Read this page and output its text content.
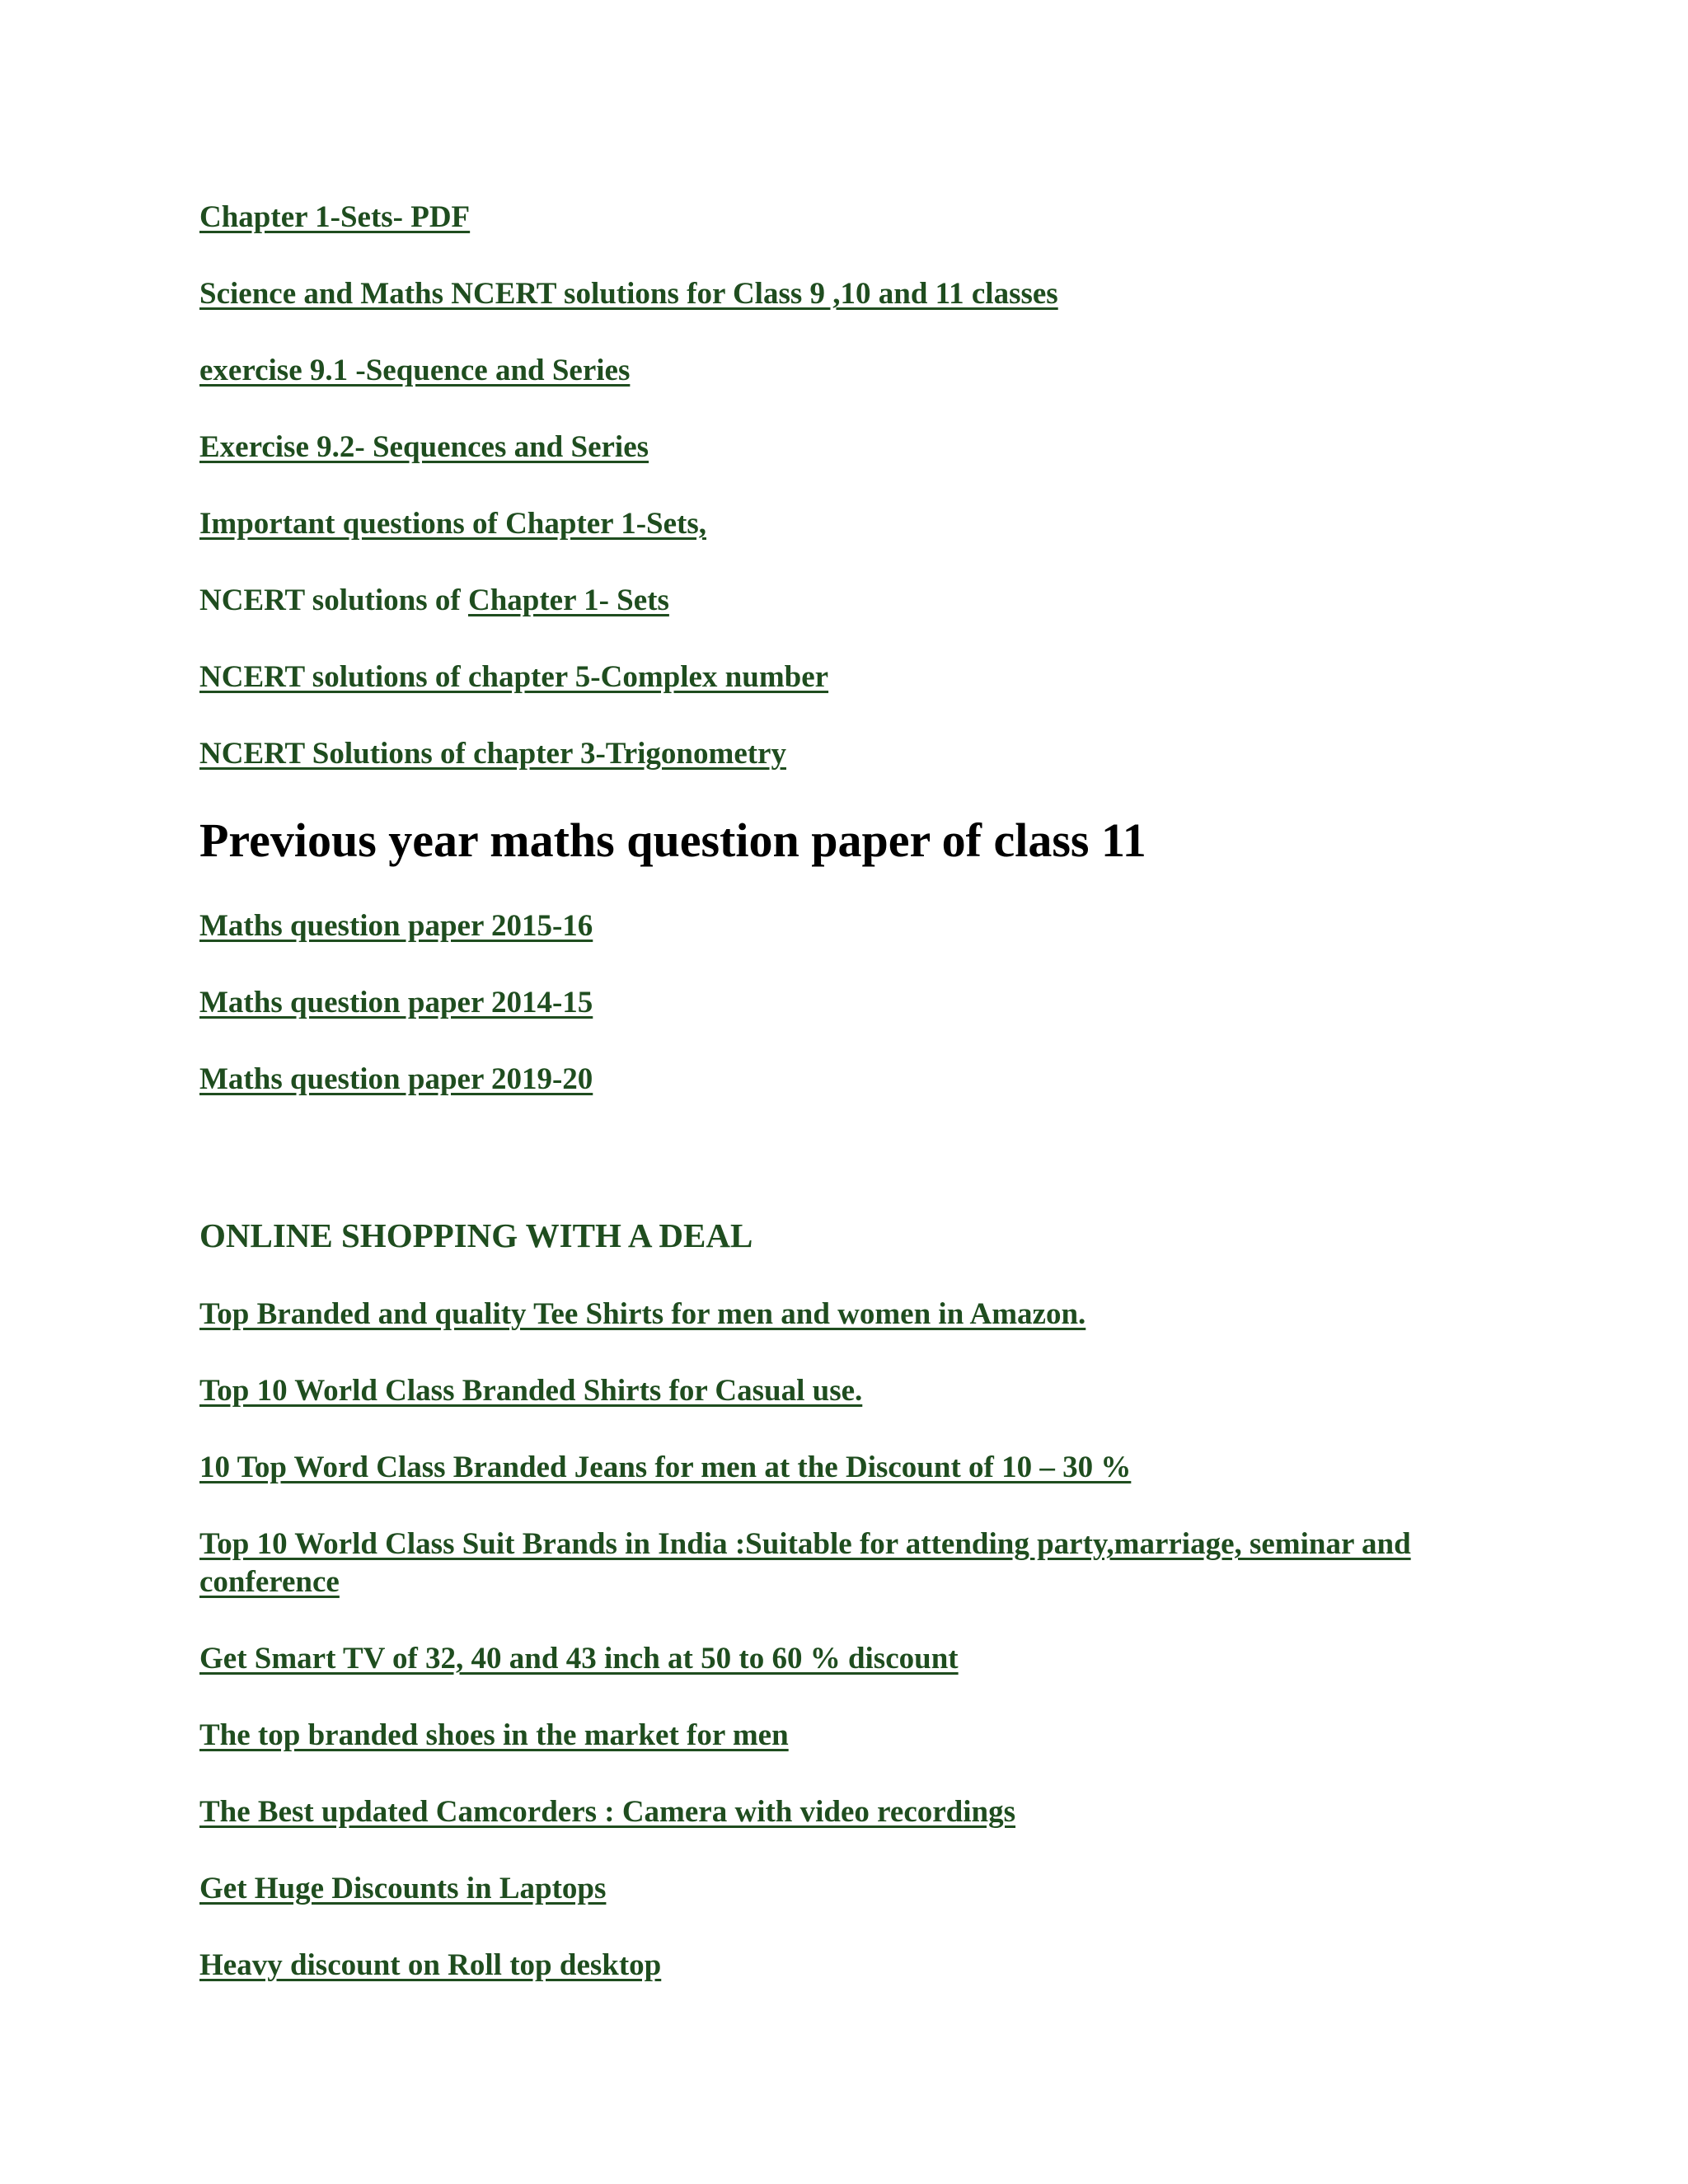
Chapter 1-Sets- PDF
Science and Maths NCERT solutions for Class 9 ,10 and 11 classes
exercise 9.1 -Sequence and Series
Exercise 9.2- Sequences and Series
Important questions of Chapter 1-Sets,
NCERT solutions of Chapter 1- Sets
NCERT solutions of chapter 5-Complex number
NCERT Solutions of chapter 3-Trigonometry
Previous year maths question paper of class 11
Maths question paper 2015-16
Maths question paper 2014-15
Maths question paper 2019-20
ONLINE SHOPPING WITH A DEAL
Top Branded and quality Tee Shirts for men and women in Amazon.
Top 10 World Class Branded Shirts for Casual use.
10 Top Word Class Branded Jeans for men at the Discount of 10 – 30 %
Top 10 World Class Suit Brands in India :Suitable for attending party,marriage, seminar and conference
Get Smart TV of 32, 40 and 43 inch at 50 to 60 % discount
The top branded shoes in the market for men
The Best updated Camcorders : Camera with video recordings
Get Huge Discounts in Laptops
Heavy discount on Roll top desktop
